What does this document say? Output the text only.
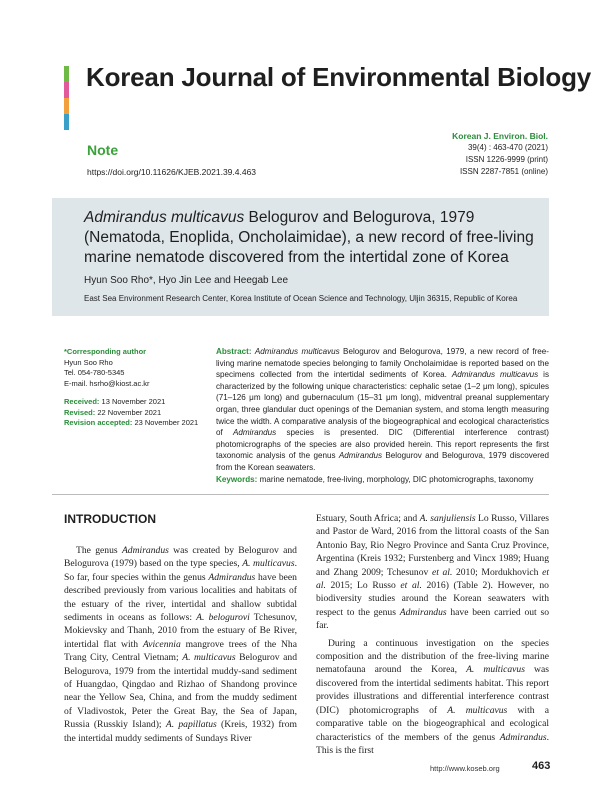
Korean Journal of Environmental Biology
Note
https://doi.org/10.11626/KJEB.2021.39.4.463
Korean J. Environ. Biol.
39(4) : 463-470 (2021)
ISSN 1226-9999 (print)
ISSN 2287-7851 (online)
Admirandus multicavus Belogurov and Belogurova, 1979 (Nematoda, Enoplida, Oncholaimidae), a new record of free-living marine nematode discovered from the intertidal zone of Korea
Hyun Soo Rho*, Hyo Jin Lee and Heegab Lee
East Sea Environment Research Center, Korea Institute of Ocean Science and Technology, Uljin 36315, Republic of Korea
*Corresponding author
Hyun Soo Rho
Tel. 054-780-5345
E-mail. hsrho@kiost.ac.kr
Received: 13 November 2021
Revised: 22 November 2021
Revision accepted: 23 November 2021
Abstract: Admirandus multicavus Belogurov and Belogurova, 1979, a new record of free-living marine nematode species belonging to family Oncholaimidae is reported based on the specimens collected from the intertidal sediments of Korea. Admirandus multicavus is characterized by the following unique characteristics: cephalic setae (1–2 μm long), spicules (71–126 μm long) and gubernaculum (15–31 μm long), midventral preanal supplementary organ, three glandular duct openings of the Demanian system, and stoma length measuring twice the width. A comparative analysis of the biogeographical and ecological characteristics of Admirandus species is presented. DIC (Differential interference contrast) photomicrographs of the species are also provided herein. This report represents the first taxonomic analysis of the genus Admirandus Belogurov and Belogurova, 1979 discovered from the Korean seawaters.
Keywords: marine nematode, free-living, morphology, DIC photomicrographs, taxonomy
INTRODUCTION

The genus Admirandus was created by Belogurov and Belogurova (1979) based on the type species, A. multicavus. So far, four species within the genus Admirandus have been described previously from various localities and habitats of the estuary of the river, intertidal and shallow subtidal sediments in oceans as follows: A. belogurovi Tchesunov, Mokievsky and Thanh, 2010 from the estuary of Be River, intertidal flat with Avicennia mangrove trees of the Nha Trang City, Central Vietnam; A. multicavus Belogurov and Belogurova, 1979 from the intertidal muddy-sand sediment of Huangdao, Qingdao and Rizhao of Shandong province near the Yellow Sea, China, and from the muddy sediment of Vladivostok, Peter the Great Bay, the Sea of Japan, Russia (Russkiy Island); A. papillatus (Kreis, 1932) from the intertidal muddy sediments of Sundays River

Estuary, South Africa; and A. sanjuliensis Lo Russo, Villares and Pastor de Ward, 2016 from the littoral coasts of the San Antonio Bay, Rio Negro Province and Santa Cruz Province, Argentina (Kreis 1932; Furstenberg and Vincx 1989; Huang and Zhang 2009; Tchesunov et al. 2010; Mordukhovich et al. 2015; Lo Russo et al. 2016) (Table 2). However, no biodiversity studies around the Korean seawaters with respect to the genus Admirandus have been carried out so far.

During a continuous investigation on the species composition and the distribution of the free-living marine nematofauna around the Korea, A. multicavus was discovered from the intertidal sediments habitat. This report provides illustrations and differential interference contrast (DIC) photomicrographs of A. multicavus with a comparative table on the biogeographical and ecological characteristics of the members of the genus Admirandus. This is the first

http://www.koseb.org	463
